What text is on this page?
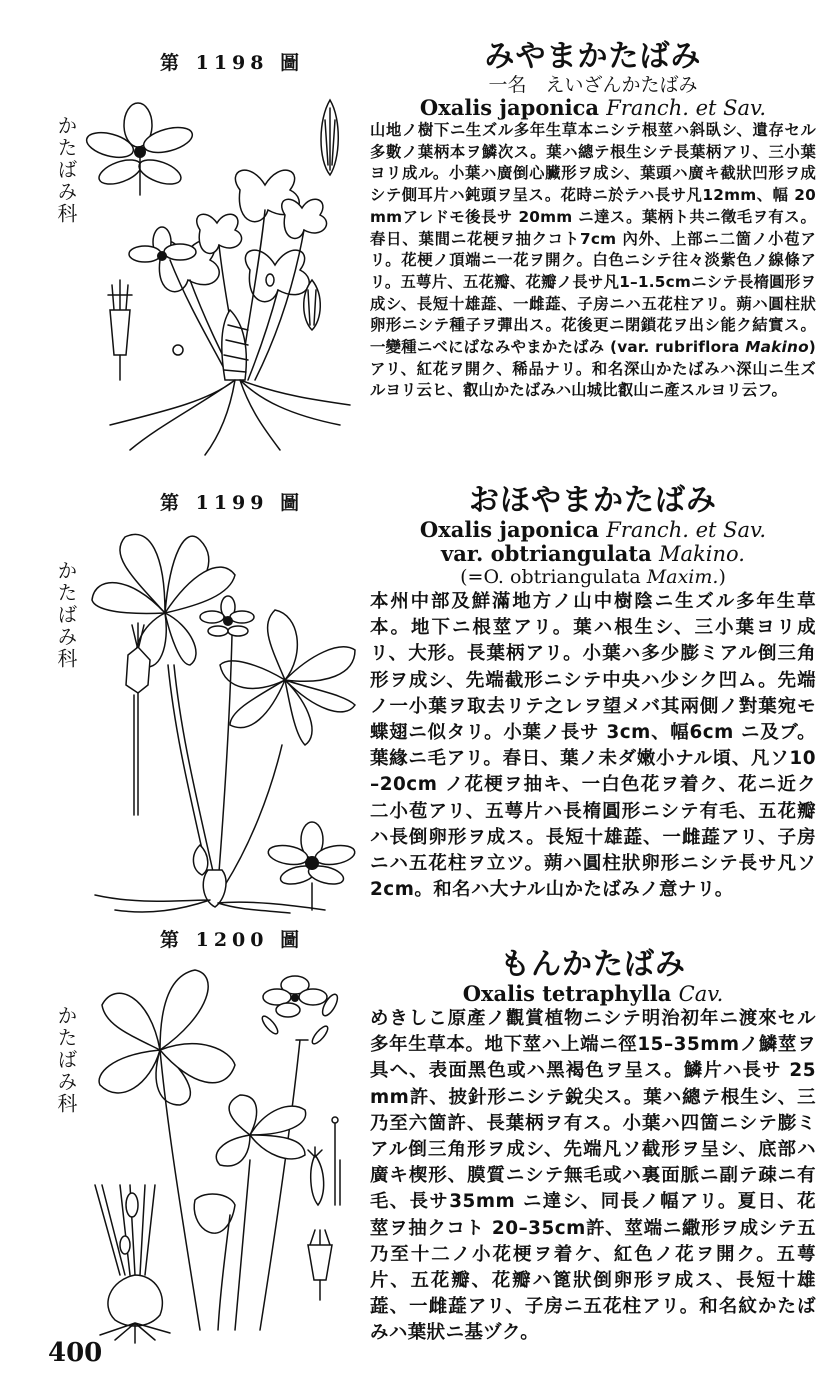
第 1198 圖
かたばみ科
みやまかたばみ
一名　えいざんかたばみ
Oxalis japonica Franch. et Sav.
山地ノ樹下ニ生ズル多年生草本ニシテ根莖ハ斜臥シ、遺存セル多數ノ葉柄本ヲ鱗次ス。葉ハ總テ根生シテ長葉柄アリ、三小葉ヨリ成ル。小葉ハ廣倒心臟形ヲ成シ、葉頭ハ廣キ截狀凹形ヲ成シテ側耳片ハ鈍頭ヲ呈ス。花時ニ於テハ長サ凡12mm、幅 20mmアレドモ後長サ 20mm ニ達ス。葉柄ト共ニ徵毛ヲ有ス。春日、葉間ニ花梗ヲ抽クコト7cm 內外、上部ニ二箇ノ小苞アリ。花梗ノ頂端ニ一花ヲ開ク。白色ニシテ往々淡紫色ノ線條アリ。五萼片、五花瓣、花瓣ノ長サ凡1–1.5cmニシテ長楕圓形ヲ成シ、長短十雄蕋、一雌蕋、子房ニハ五花柱アリ。蒴ハ圓柱狀卵形ニシテ種子ヲ彈出ス。花後更ニ閉鎖花ヲ出シ能ク結實ス。一變種ニべにばなみやまかたばみ (var. rubriflora Makino)アリ、紅花ヲ開ク、稀品ナリ。和名深山かたばみハ深山ニ生ズルヨリ云ヒ、叡山かたばみハ山城比叡山ニ產スルヨリ云フ。
第 1199 圖
かたばみ科
おほやまかたばみ
Oxalis japonica Franch. et Sav.
var. obtriangulata Makino.
(=O. obtriangulata Maxim.)
本州中部及鮮滿地方ノ山中樹陰ニ生ズル多年生草本。地下ニ根莖アリ。葉ハ根生シ、三小葉ヨリ成リ、大形。長葉柄アリ。小葉ハ多少膨ミアル倒三角形ヲ成シ、先端截形ニシテ中央ハ少シク凹ム。先端ノ一小葉ヲ取去リテ之レヲ望メバ其兩側ノ對葉宛モ蝶翅ニ似タリ。小葉ノ長サ 3cm、幅6cm ニ及ブ。葉緣ニ毛アリ。春日、葉ノ未ダ嫩小ナル頃、凡ソ10–20cm ノ花梗ヲ抽キ、一白色花ヲ着ク、花ニ近ク二小苞アリ、五萼片ハ長楕圓形ニシテ有毛、五花瓣ハ長倒卵形ヲ成ス。長短十雄蕋、一雌蕋アリ、子房ニハ五花柱ヲ立ツ。蒴ハ圓柱狀卵形ニシテ長サ凡ソ 2cm。和名ハ大ナル山かたばみノ意ナリ。
第 1200 圖
かたばみ科
もんかたばみ
Oxalis tetraphylla Cav.
めきしこ原產ノ觀賞植物ニシテ明治初年ニ渡來セル多年生草本。地下莖ハ上端ニ徑15–35mmノ鱗莖ヲ具ヘ、表面黑色或ハ黑褐色ヲ呈ス。鱗片ハ長サ 25mm許、披針形ニシテ銳尖ス。葉ハ總テ根生シ、三乃至六箇許、長葉柄ヲ有ス。小葉ハ四箇ニシテ膨ミアル倒三角形ヲ成シ、先端凡ソ截形ヲ呈シ、底部ハ廣キ楔形、膜質ニシテ無毛或ハ裏面脈ニ副テ疎ニ有毛、長サ35mm ニ達シ、同長ノ幅アリ。夏日、花莖ヲ抽クコト 20–35cm許、莖端ニ繖形ヲ成シテ五乃至十二ノ小花梗ヲ着ケ、紅色ノ花ヲ開ク。五萼片、五花瓣、花瓣ハ篦狀倒卵形ヲ成ス、長短十雄蕋、一雌蕋アリ、子房ニ五花柱アリ。和名紋かたばみハ葉狀ニ基ヅク。
400
